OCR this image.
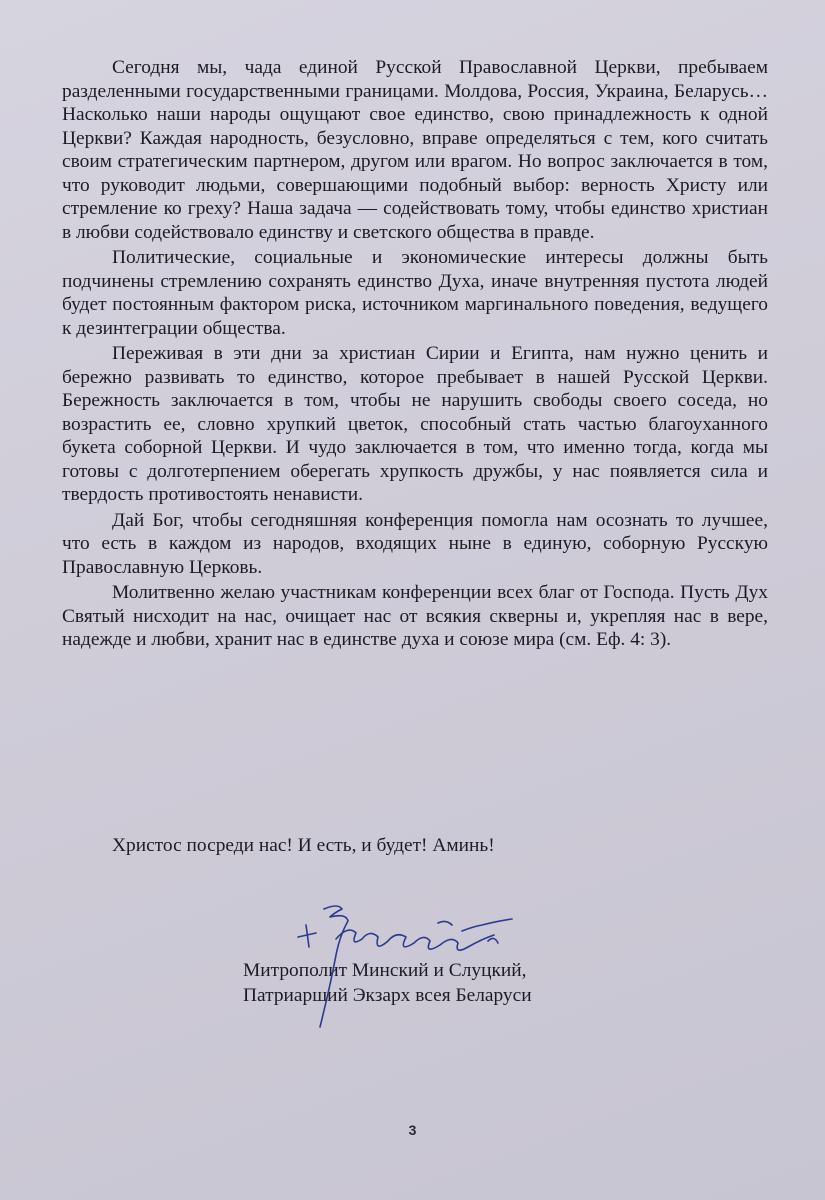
Сегодня мы, чада единой Русской Православной Церкви, пребываем разделенными государственными границами. Молдова, Россия, Украина, Беларусь… Насколько наши народы ощущают свое единство, свою принадлежность к одной Церкви? Каждая народность, безусловно, вправе определяться с тем, кого считать своим стратегическим партнером, другом или врагом. Но вопрос заключается в том, что руководит людьми, совершающими подобный выбор: верность Христу или стремление ко греху? Наша задача — содействовать тому, чтобы единство христиан в любви содействовало единству и светского общества в правде.

Политические, социальные и экономические интересы должны быть подчинены стремлению сохранять единство Духа, иначе внутренняя пустота людей будет постоянным фактором риска, источником маргинального поведения, ведущего к дезинтеграции общества.

Переживая в эти дни за христиан Сирии и Египта, нам нужно ценить и бережно развивать то единство, которое пребывает в нашей Русской Церкви. Бережность заключается в том, чтобы не нарушить свободы своего соседа, но возрастить ее, словно хрупкий цветок, способный стать частью благоуханного букета соборной Церкви. И чудо заключается в том, что именно тогда, когда мы готовы с долготерпением оберегать хрупкость дружбы, у нас появляется сила и твердость противостоять ненависти.

Дай Бог, чтобы сегодняшняя конференция помогла нам осознать то лучшее, что есть в каждом из народов, входящих ныне в единую, соборную Русскую Православную Церковь.

Молитвенно желаю участникам конференции всех благ от Господа. Пусть Дух Святый нисходит на нас, очищает нас от всякия скверны и, укрепляя нас в вере, надежде и любви, хранит нас в единстве духа и союзе мира (см. Еф. 4: 3).

Христос посреди нас! И есть, и будет! Аминь!
Митрополит Минский и Слуцкий,
Патриарший Экзарх всея Беларуси
3
